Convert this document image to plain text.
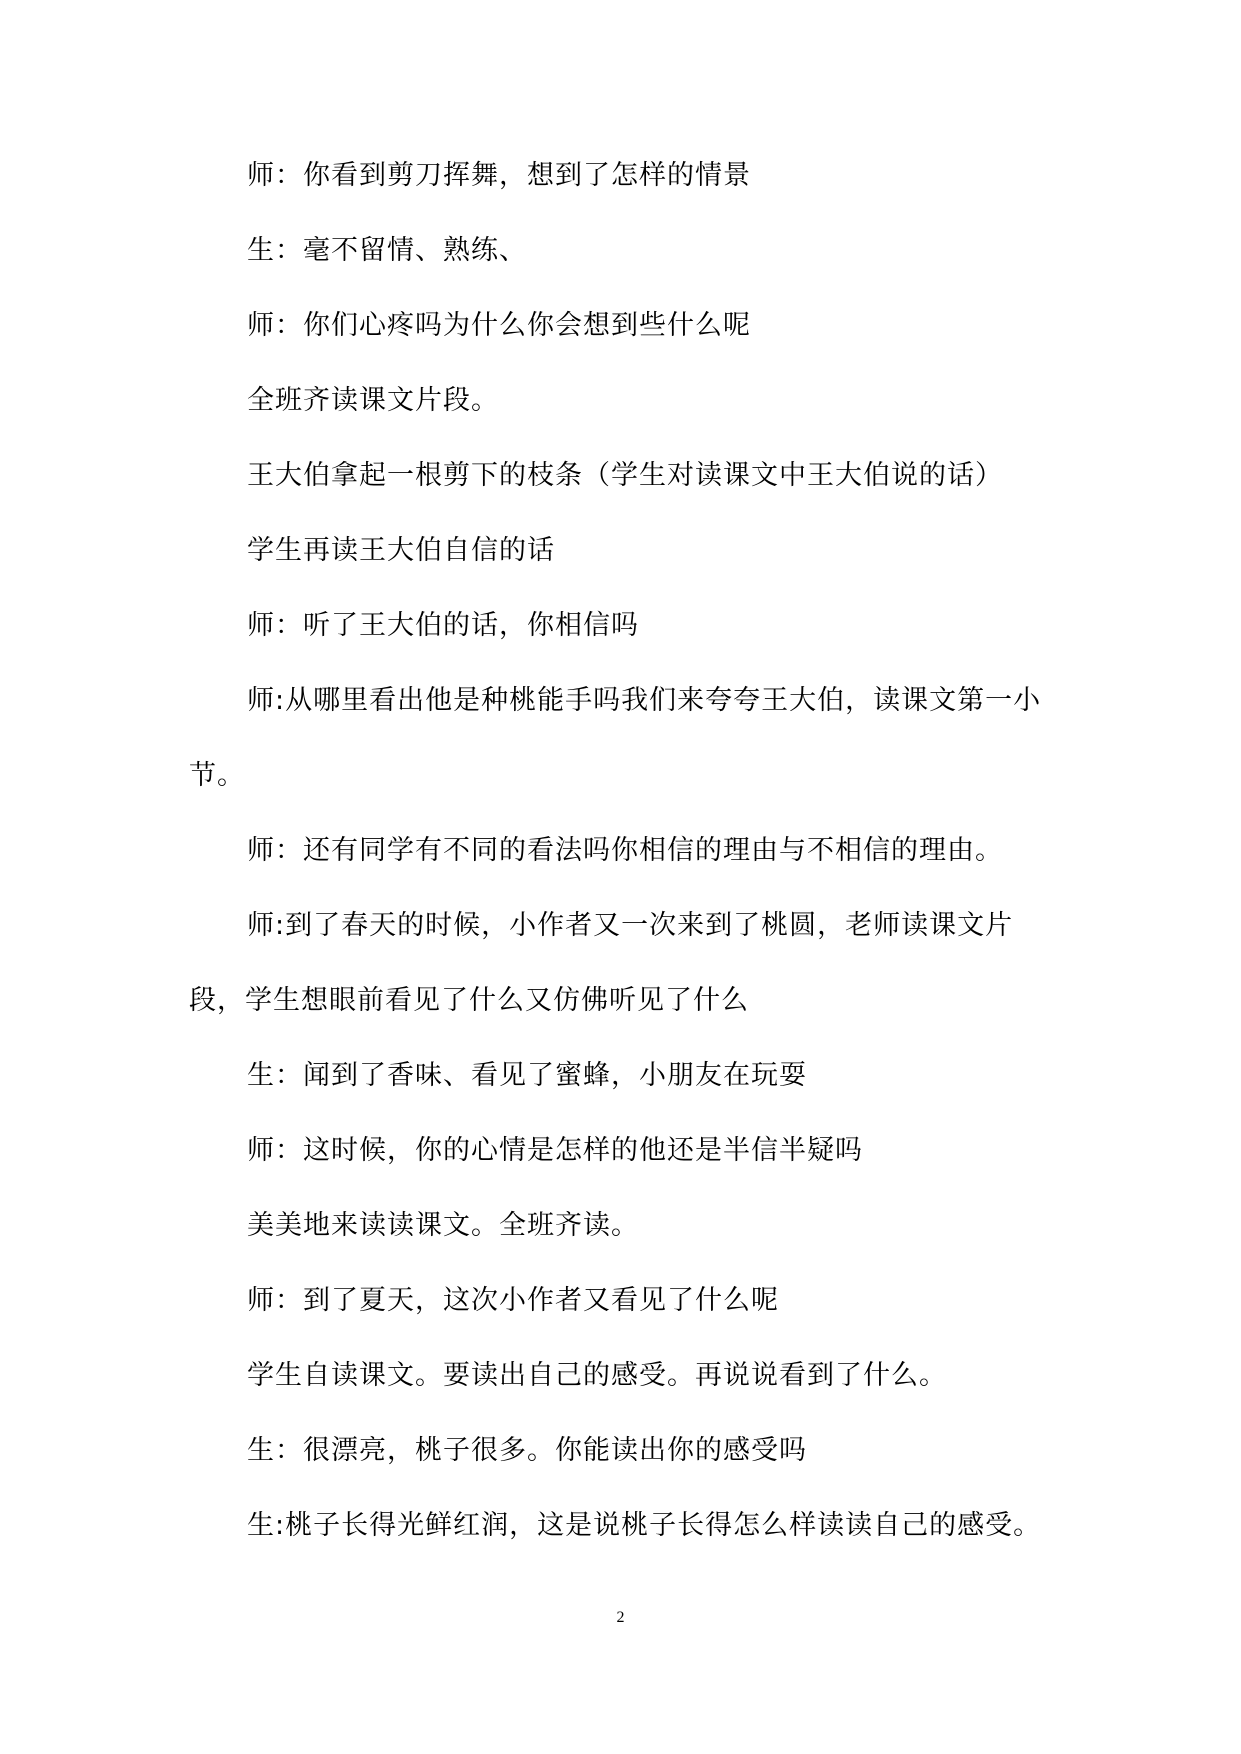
师：你看到剪刀挥舞，想到了怎样的情景

生：毫不留情、熟练、

师：你们心疼吗为什么你会想到些什么呢

全班齐读课文片段。

王大伯拿起一根剪下的枝条（学生对读课文中王大伯说的话）

学生再读王大伯自信的话

师：听了王大伯的话，你相信吗

师:从哪里看出他是种桃能手吗我们来夸夸王大伯，读课文第一小节。

师：还有同学有不同的看法吗你相信的理由与不相信的理由。

师:到了春天的时候，小作者又一次来到了桃圆，老师读课文片段，学生想眼前看见了什么又仿佛听见了什么

生：闻到了香味、看见了蜜蜂，小朋友在玩耍

师：这时候，你的心情是怎样的他还是半信半疑吗

美美地来读读课文。全班齐读。

师：到了夏天，这次小作者又看见了什么呢

学生自读课文。要读出自己的感受。再说说看到了什么。

生：很漂亮，桃子很多。你能读出你的感受吗

生:桃子长得光鲜红润，这是说桃子长得怎么样读读自己的感受。

2
